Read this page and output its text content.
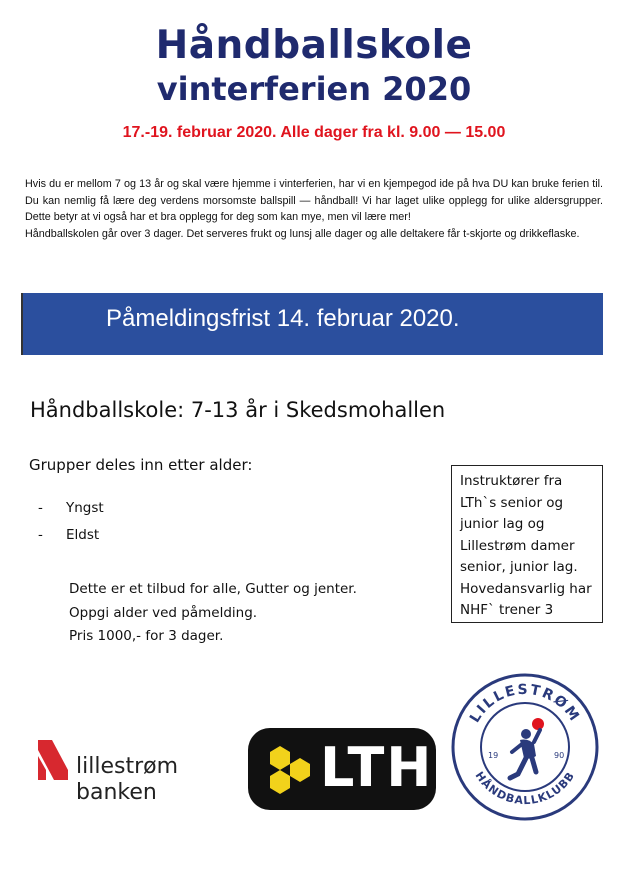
Håndballskole
vinterferien 2020
17.-19. februar 2020. Alle dager fra kl. 9.00 — 15.00

Hvis du er mellom 7 og 13 år og skal være hjemme i vinterferien, har vi en kjempegod ide på hva DU kan bruke ferien til. Du kan nemlig få lære deg verdens morsomste ballspill — håndball! Vi har laget ulike opplegg for ulike aldersgrupper. Dette betyr at vi også har et bra opplegg for deg som kan mye, men vil lære mer!

Håndballskolen går over 3 dager. Det serveres frukt og lunsj alle dager og alle deltakere får t-skjorte og drikkeflaske.

Påmeldingsfrist 14. februar 2020.
Håndballskole: 7-13 år i Skedsmohallen
Grupper deles inn etter alder:
- Yngst
- Eldst
Dette er et tilbud for alle, Gutter og jenter.
Oppgi alder ved påmelding.
Pris 1000,- for 3 dager.
Instruktører fra
LTh`s senior og
junior lag og
Lillestrøm damer
senior, junior lag.
Hovedansvarlig har
NHF` trener 3
lillestrøm
banken	LTH
LILLESTRØM
HÅNDBALLKLUBB
19	90
